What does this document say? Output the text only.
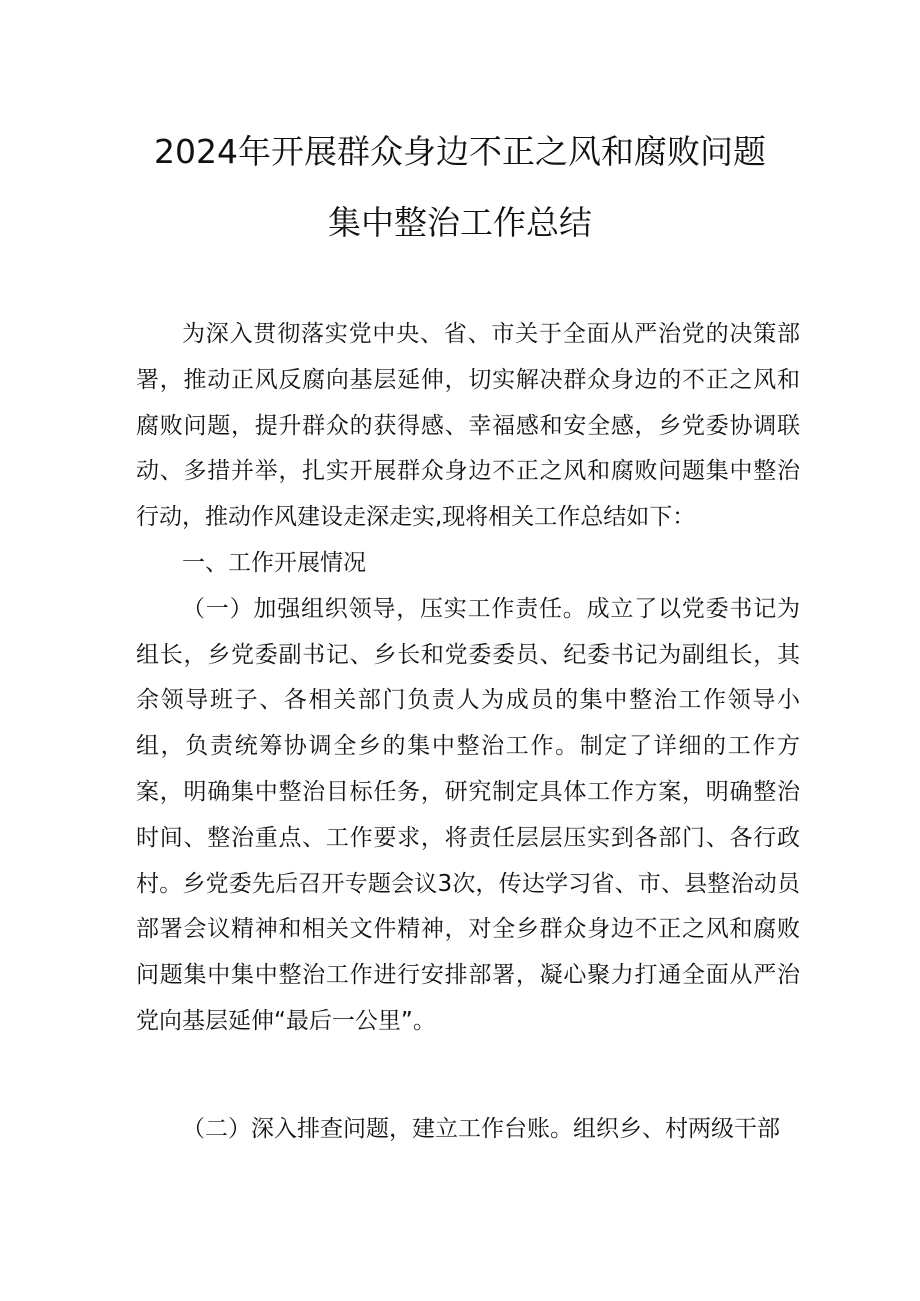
2024年开展群众身边不正之风和腐败问题
集中整治工作总结

为深入贯彻落实党中央、省、市关于全面从严治党的决策部署，推动正风反腐向基层延伸，切实解决群众身边的不正之风和腐败问题，提升群众的获得感、幸福感和安全感，乡党委协调联动、多措并举，扎实开展群众身边不正之风和腐败问题集中整治行动，推动作风建设走深走实,现将相关工作总结如下：

一、工作开展情况

（一）加强组织领导，压实工作责任。成立了以党委书记为组长，乡党委副书记、乡长和党委委员、纪委书记为副组长，其余领导班子、各相关部门负责人为成员的集中整治工作领导小组，负责统筹协调全乡的集中整治工作。制定了详细的工作方案，明确集中整治目标任务，研究制定具体工作方案，明确整治时间、整治重点、工作要求，将责任层层压实到各部门、各行政村。乡党委先后召开专题会议3次，传达学习省、市、县整治动员部署会议精神和相关文件精神，对全乡群众身边不正之风和腐败问题集中集中整治工作进行安排部署，凝心聚力打通全面从严治党向基层延伸“最后一公里”。

（二）深入排查问题，建立工作台账。组织乡、村两级干部
